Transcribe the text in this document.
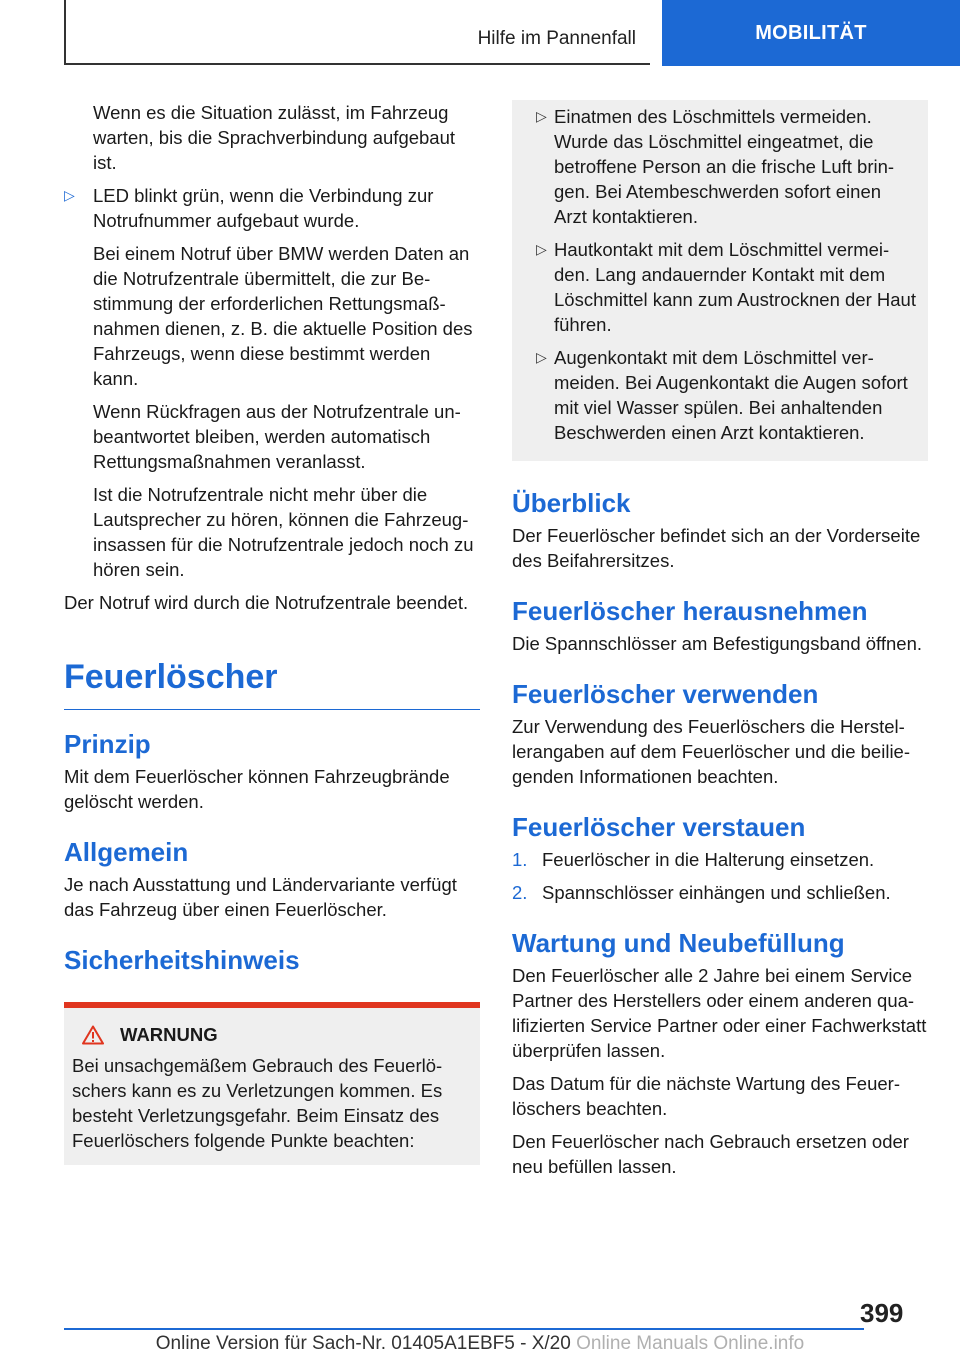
Hilfe im Pannenfall	MOBILITÄT

Wenn es die Situation zulässt, im Fahrzeug warten, bis die Sprachverbindung aufgebaut ist.

▷ LED blinkt grün, wenn die Verbindung zur Notrufnummer aufgebaut wurde.

Bei einem Notruf über BMW werden Daten an die Notrufzentrale übermittelt, die zur Bestimmung der erforderlichen Rettungsmaßnahmen dienen, z. B. die aktuelle Position des Fahrzeugs, wenn diese bestimmt werden kann.

Wenn Rückfragen aus der Notrufzentrale unbeantwortet bleiben, werden automatisch Rettungsmaßnahmen veranlasst.

Ist die Notrufzentrale nicht mehr über die Lautsprecher zu hören, können die Fahrzeuginsassen für die Notrufzentrale jedoch noch zu hören sein.

Der Notruf wird durch die Notrufzentrale beendet.

Feuerlöscher
Prinzip

Mit dem Feuerlöscher können Fahrzeugbrände gelöscht werden.

Allgemein

Je nach Ausstattung und Ländervariante verfügt das Fahrzeug über einen Feuerlöscher.

Sicherheitshinweis
WARNUNG

Bei unsachgemäßem Gebrauch des Feuerlöschers kann es zu Verletzungen kommen. Es besteht Verletzungsgefahr. Beim Einsatz des Feuerlöschers folgende Punkte beachten:

▷ Einatmen des Löschmittels vermeiden. Wurde das Löschmittel eingeatmet, die betroffene Person an die frische Luft bringen. Bei Atembeschwerden sofort einen Arzt kontaktieren.
▷ Hautkontakt mit dem Löschmittel vermeiden. Lang andauernder Kontakt mit dem Löschmittel kann zum Austrocknen der Haut führen.
▷ Augenkontakt mit dem Löschmittel vermeiden. Bei Augenkontakt die Augen sofort mit viel Wasser spülen. Bei anhaltenden Beschwerden einen Arzt kontaktieren.
Überblick

Der Feuerlöscher befindet sich an der Vorderseite des Beifahrersitzes.

Feuerlöscher herausnehmen

Die Spannschlösser am Befestigungsband öffnen.

Feuerlöscher verwenden

Zur Verwendung des Feuerlöschers die Herstellerangaben auf dem Feuerlöscher und die beiliegenden Informationen beachten.

Feuerlöscher verstauen
1. Feuerlöscher in die Halterung einsetzen.
2. Spannschlösser einhängen und schließen.
Wartung und Neubefüllung

Den Feuerlöscher alle 2 Jahre bei einem Service Partner des Herstellers oder einem anderen qualifizierten Service Partner oder einer Fachwerkstatt überprüfen lassen.

Das Datum für die nächste Wartung des Feuerlöschers beachten.

Den Feuerlöscher nach Gebrauch ersetzen oder neu befüllen lassen.

399
Online Version für Sach-Nr. 01405A1EBF5 - X/20 Online Manuals Online.info
